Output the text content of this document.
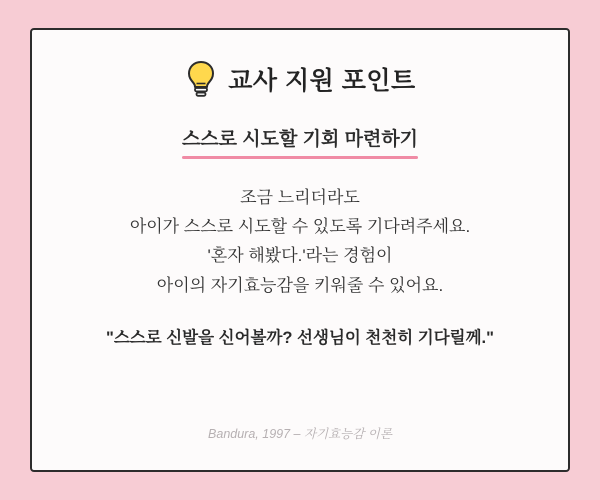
교사 지원 포인트
스스로 시도할 기회 마련하기
조금 느리더라도
아이가 스스로 시도할 수 있도록 기다려주세요.
'혼자 해봤다.'라는 경험이
아이의 자기효능감을 키워줄 수 있어요.
"스스로 신발을 신어볼까? 선생님이 천천히 기다릴께."
Bandura, 1997 – 자기효능감 이론
